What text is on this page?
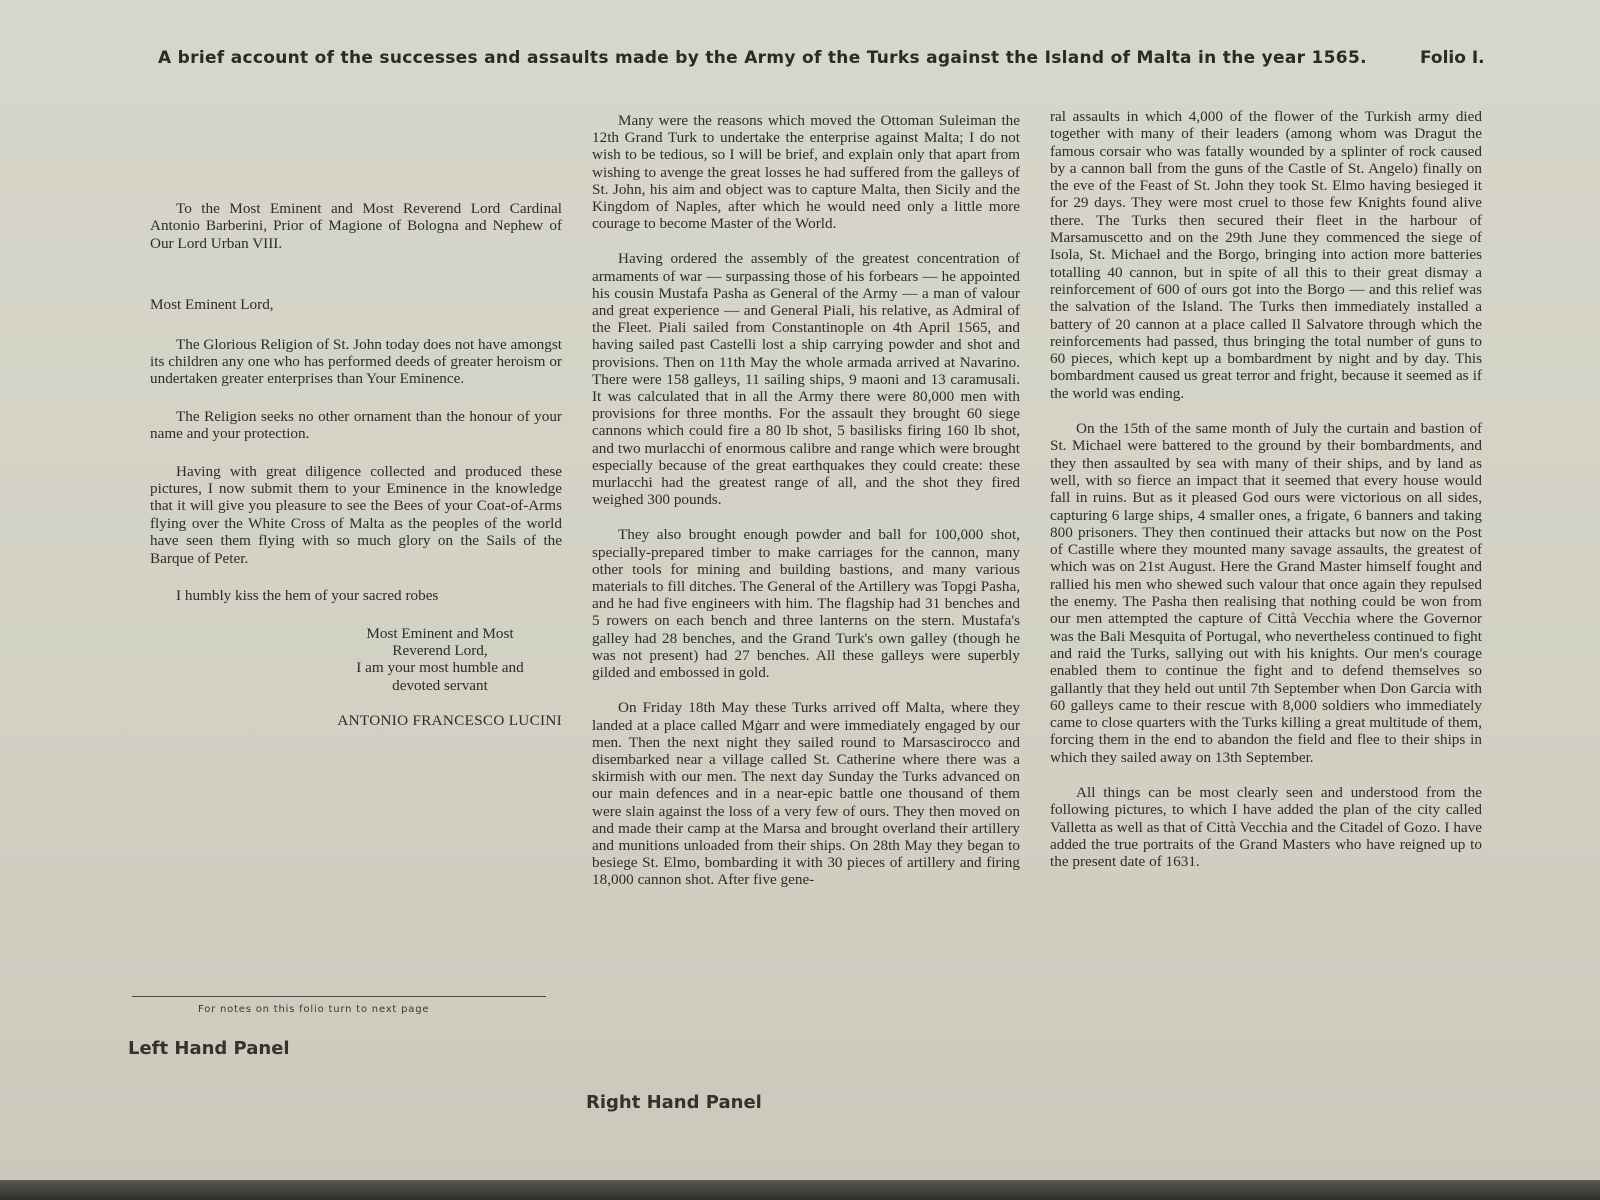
A brief account of the successes and assaults made by the Army of the Turks against the Island of Malta in the year 1565.	Folio I.

To the Most Eminent and Most Reverend Lord Cardinal Antonio Barberini, Prior of Magione of Bologna and Nephew of Our Lord Urban VIII.

Most Eminent Lord,

The Glorious Religion of St. John today does not have amongst its children any one who has performed deeds of greater heroism or undertaken greater enterprises than Your Eminence.

The Religion seeks no other ornament than the honour of your name and your protection.

Having with great diligence collected and produced these pictures, I now submit them to your Eminence in the knowledge that it will give you pleasure to see the Bees of your Coat-of-Arms flying over the White Cross of Malta as the peoples of the world have seen them flying with so much glory on the Sails of the Barque of Peter.

I humbly kiss the hem of your sacred robes

Most Eminent and Most
Reverend Lord,
I am your most humble and
devoted servant
ANTONIO FRANCESCO LUCINI
For notes on this folio turn to next page
Left Hand Panel

Many were the reasons which moved the Ottoman Suleiman the 12th Grand Turk to undertake the enterprise against Malta; I do not wish to be tedious, so I will be brief, and explain only that apart from wishing to avenge the great losses he had suffered from the galleys of St. John, his aim and object was to capture Malta, then Sicily and the Kingdom of Naples, after which he would need only a little more courage to become Master of the World.

Having ordered the assembly of the greatest concentration of armaments of war — surpassing those of his forbears — he appointed his cousin Mustafa Pasha as General of the Army — a man of valour and great experience — and General Piali, his relative, as Admiral of the Fleet. Piali sailed from Constantinople on 4th April 1565, and having sailed past Castelli lost a ship carrying powder and shot and provisions. Then on 11th May the whole armada arrived at Navarino. There were 158 galleys, 11 sailing ships, 9 maoni and 13 caramusali. It was calculated that in all the Army there were 80,000 men with provisions for three months. For the assault they brought 60 siege cannons which could fire a 80 lb shot, 5 basilisks firing 160 lb shot, and two murlacchi of enormous calibre and range which were brought especially because of the great earthquakes they could create: these murlacchi had the greatest range of all, and the shot they fired weighed 300 pounds.

They also brought enough powder and ball for 100,000 shot, specially-prepared timber to make carriages for the cannon, many other tools for mining and building bastions, and many various materials to fill ditches. The General of the Artillery was Topgi Pasha, and he had five engineers with him. The flagship had 31 benches and 5 rowers on each bench and three lanterns on the stern. Mustafa's galley had 28 benches, and the Grand Turk's own galley (though he was not present) had 27 benches. All these galleys were superbly gilded and embossed in gold.

On Friday 18th May these Turks arrived off Malta, where they landed at a place called Mġarr and were immediately engaged by our men. Then the next night they sailed round to Marsascirocco and disembarked near a village called St. Catherine where there was a skirmish with our men. The next day Sunday the Turks advanced on our main defences and in a near-epic battle one thousand of them were slain against the loss of a very few of ours. They then moved on and made their camp at the Marsa and brought overland their artillery and munitions unloaded from their ships. On 28th May they began to besiege St. Elmo, bombarding it with 30 pieces of artillery and firing 18,000 cannon shot. After five gene-

Right Hand Panel

ral assaults in which 4,000 of the flower of the Turkish army died together with many of their leaders (among whom was Dragut the famous corsair who was fatally wounded by a splinter of rock caused by a cannon ball from the guns of the Castle of St. Angelo) finally on the eve of the Feast of St. John they took St. Elmo having besieged it for 29 days. They were most cruel to those few Knights found alive there. The Turks then secured their fleet in the harbour of Marsamuscetto and on the 29th June they commenced the siege of Isola, St. Michael and the Borgo, bringing into action more batteries totalling 40 cannon, but in spite of all this to their great dismay a reinforcement of 600 of ours got into the Borgo — and this relief was the salvation of the Island. The Turks then immediately installed a battery of 20 cannon at a place called Il Salvatore through which the reinforcements had passed, thus bringing the total number of guns to 60 pieces, which kept up a bombardment by night and by day. This bombardment caused us great terror and fright, because it seemed as if the world was ending.

On the 15th of the same month of July the curtain and bastion of St. Michael were battered to the ground by their bombardments, and they then assaulted by sea with many of their ships, and by land as well, with so fierce an impact that it seemed that every house would fall in ruins. But as it pleased God ours were victorious on all sides, capturing 6 large ships, 4 smaller ones, a frigate, 6 banners and taking 800 prisoners. They then continued their attacks but now on the Post of Castille where they mounted many savage assaults, the greatest of which was on 21st August. Here the Grand Master himself fought and rallied his men who shewed such valour that once again they repulsed the enemy. The Pasha then realising that nothing could be won from our men attempted the capture of Città Vecchia where the Governor was the Bali Mesquita of Portugal, who nevertheless continued to fight and raid the Turks, sallying out with his knights. Our men's courage enabled them to continue the fight and to defend themselves so gallantly that they held out until 7th September when Don Garcia with 60 galleys came to their rescue with 8,000 soldiers who immediately came to close quarters with the Turks killing a great multitude of them, forcing them in the end to abandon the field and flee to their ships in which they sailed away on 13th September.

All things can be most clearly seen and understood from the following pictures, to which I have added the plan of the city called Valletta as well as that of Città Vecchia and the Citadel of Gozo. I have added the true portraits of the Grand Masters who have reigned up to the present date of 1631.
